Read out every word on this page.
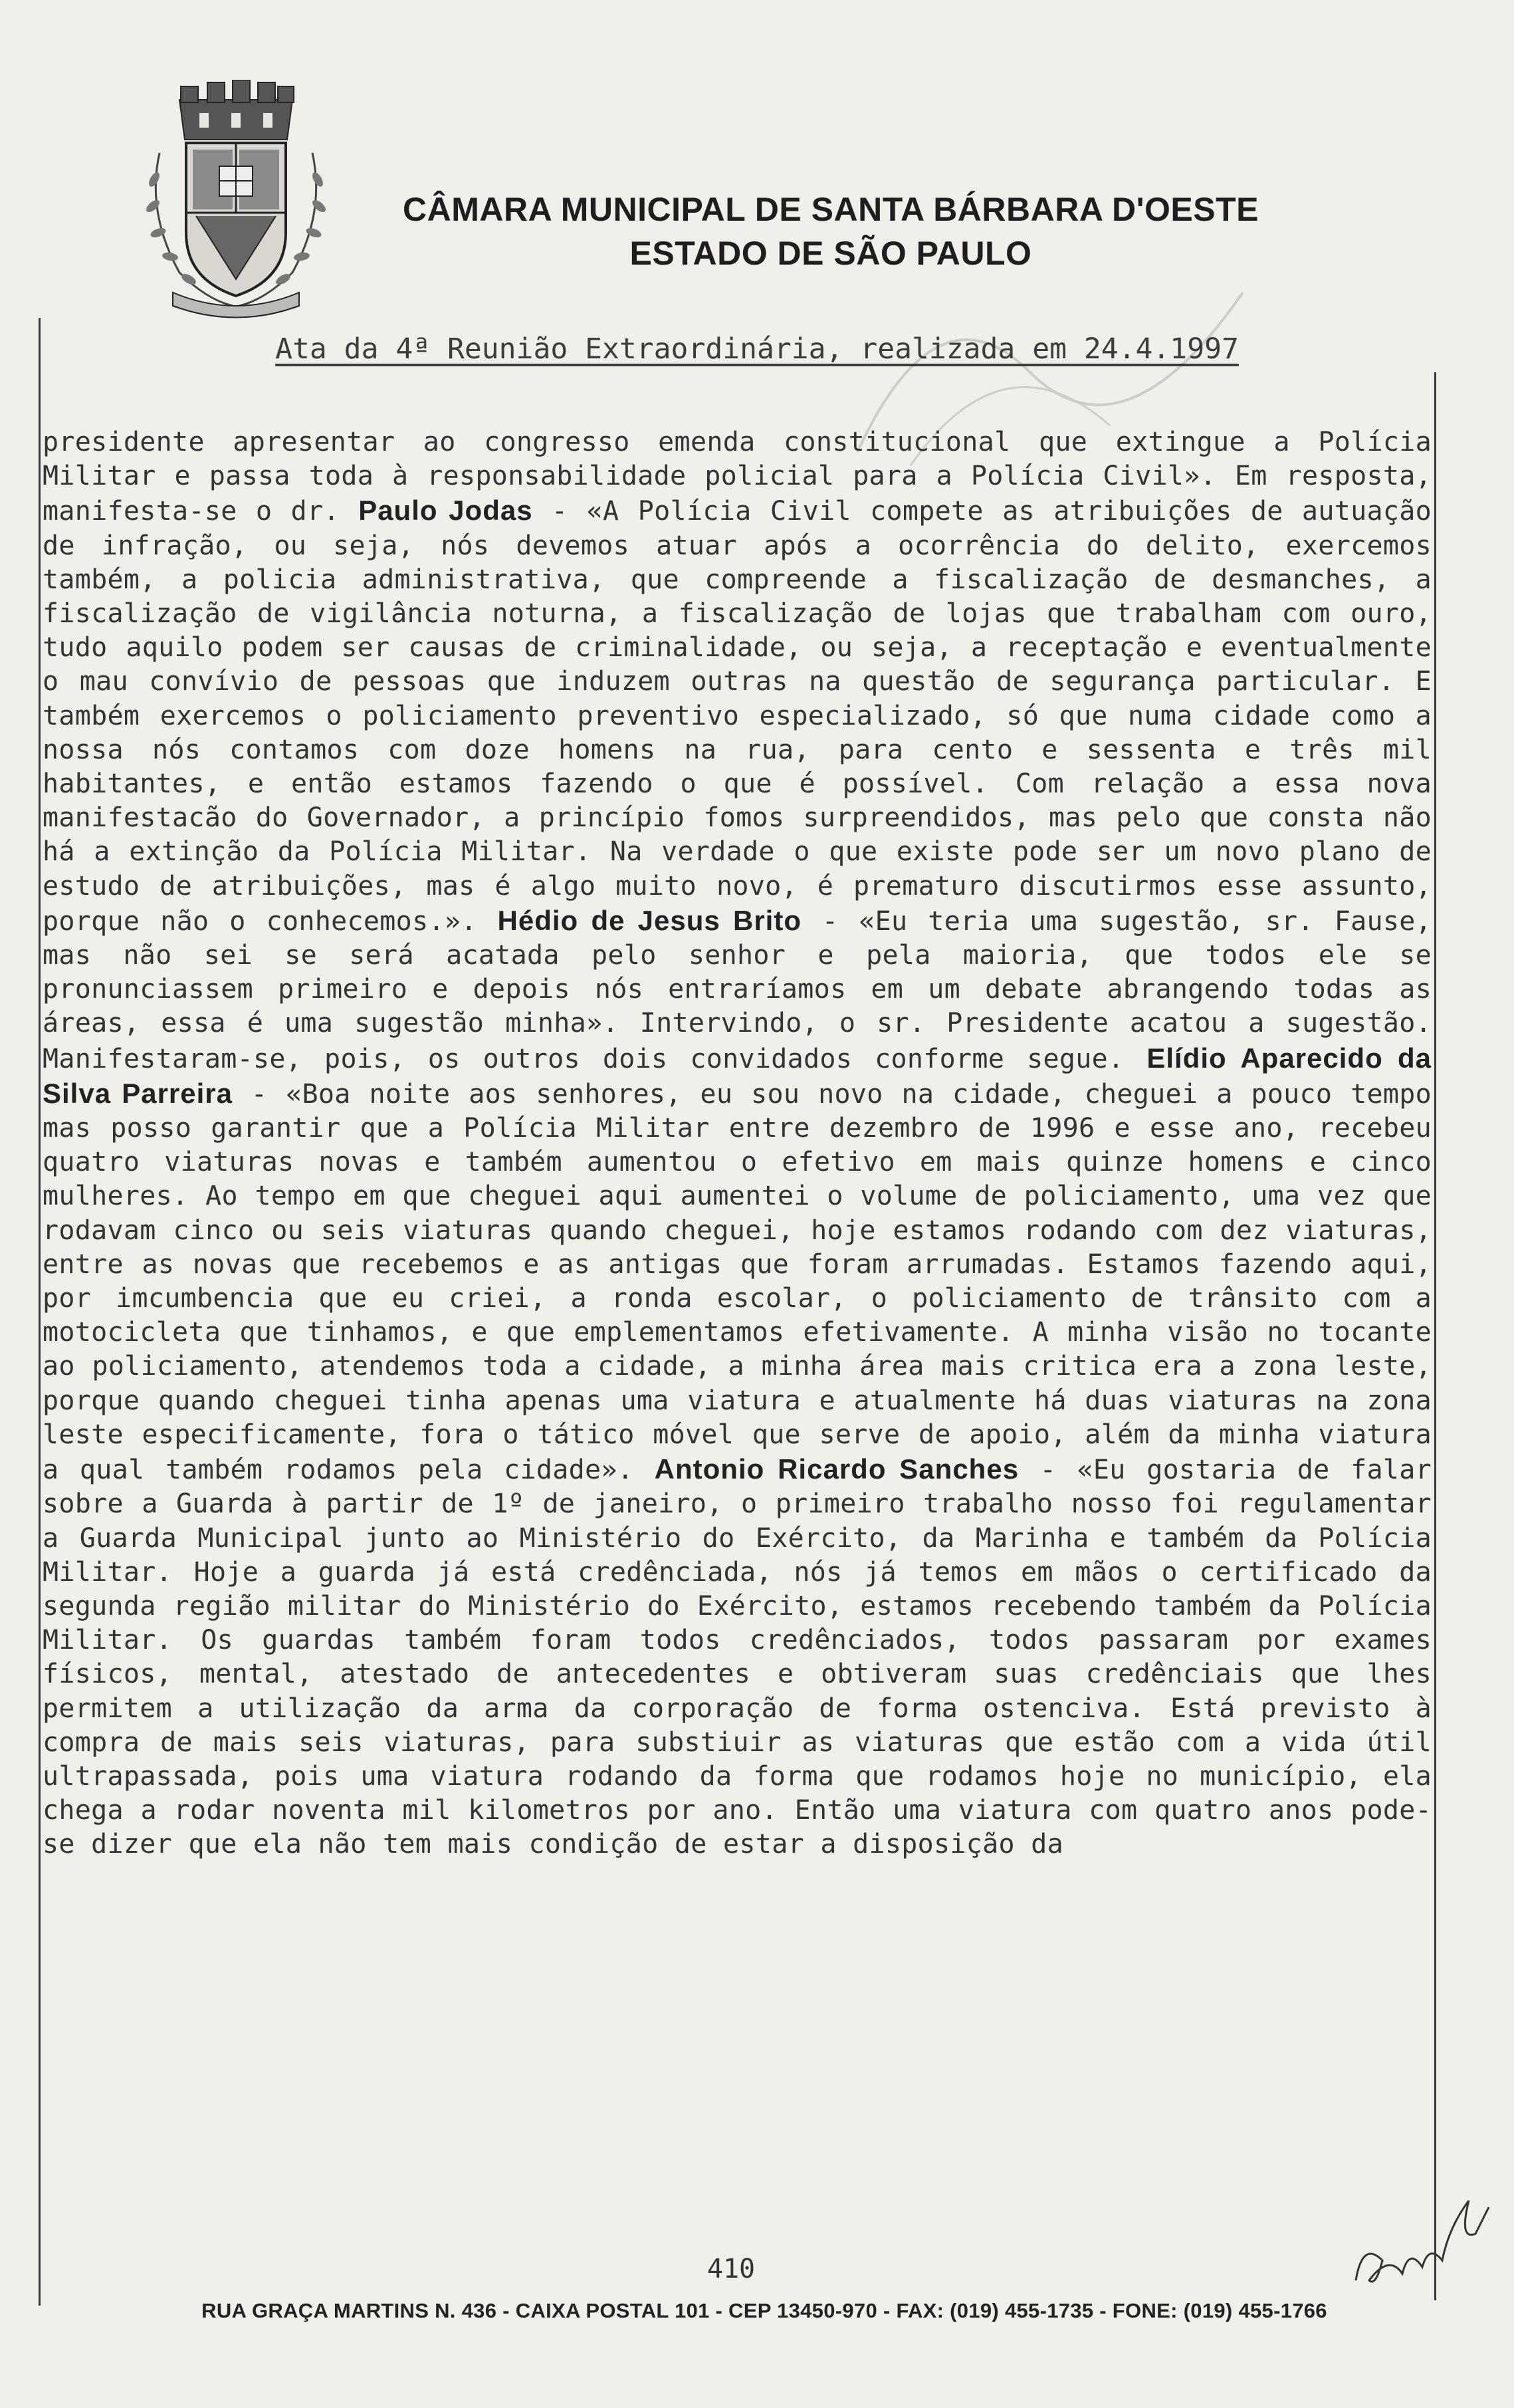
CÂMARA MUNICIPAL DE SANTA BÁRBARA D'OESTE
ESTADO DE SÃO PAULO
Ata da 4ª Reunião Extraordinária, realizada em 24.4.1997
presidente apresentar ao congresso emenda constitucional que extingue a Polícia Militar e passa toda à responsabilidade policial para a Polícia Civil». Em resposta, manifesta-se o dr. Paulo Jodas - «A Polícia Civil compete as atribuições de autuação de infração, ou seja, nós devemos atuar após a ocorrência do delito, exercemos também, a policia administrativa, que compreende a fiscalização de desmanches, a fiscalização de vigilância noturna, a fiscalização de lojas que trabalham com ouro, tudo aquilo podem ser causas de criminalidade, ou seja, a receptação e eventualmente o mau convívio de pessoas que induzem outras na questão de segurança particular. E também exercemos o policiamento preventivo especializado, só que numa cidade como a nossa nós contamos com doze homens na rua, para cento e sessenta e três mil habitantes, e então estamos fazendo o que é possível. Com relação a essa nova manifestacão do Governador, a princípio fomos surpreendidos, mas pelo que consta não há a extinção da Polícia Militar. Na verdade o que existe pode ser um novo plano de estudo de atribuições, mas é algo muito novo, é prematuro discutirmos esse assunto, porque não o conhecemos.». Hédio de Jesus Brito - «Eu teria uma sugestão, sr. Fause, mas não sei se será acatada pelo senhor e pela maioria, que todos ele se pronunciassem primeiro e depois nós entraríamos em um debate abrangendo todas as áreas, essa é uma sugestão minha». Intervindo, o sr. Presidente acatou a sugestão. Manifestaram-se, pois, os outros dois convidados conforme segue. Elídio Aparecido da Silva Parreira - «Boa noite aos senhores, eu sou novo na cidade, cheguei a pouco tempo mas posso garantir que a Polícia Militar entre dezembro de 1996 e esse ano, recebeu quatro viaturas novas e também aumentou o efetivo em mais quinze homens e cinco mulheres. Ao tempo em que cheguei aqui aumentei o volume de policiamento, uma vez que rodavam cinco ou seis viaturas quando cheguei, hoje estamos rodando com dez viaturas, entre as novas que recebemos e as antigas que foram arrumadas. Estamos fazendo aqui, por imcumbencia que eu criei, a ronda escolar, o policiamento de trânsito com a motocicleta que tinhamos, e que emplementamos efetivamente. A minha visão no tocante ao policiamento, atendemos toda a cidade, a minha área mais critica era a zona leste, porque quando cheguei tinha apenas uma viatura e atualmente há duas viaturas na zona leste especificamente, fora o tático móvel que serve de apoio, além da minha viatura a qual também rodamos pela cidade». Antonio Ricardo Sanches - «Eu gostaria de falar sobre a Guarda à partir de 1º de janeiro, o primeiro trabalho nosso foi regulamentar a Guarda Municipal junto ao Ministério do Exército, da Marinha e também da Polícia Militar. Hoje a guarda já está credênciada, nós já temos em mãos o certificado da segunda região militar do Ministério do Exército, estamos recebendo também da Polícia Militar. Os guardas também foram todos credênciados, todos passaram por exames físicos, mental, atestado de antecedentes e obtiveram suas credênciais que lhes permitem a utilização da arma da corporação de forma ostenciva. Está previsto à compra de mais seis viaturas, para substiuir as viaturas que estão com a vida útil ultrapassada, pois uma viatura rodando da forma que rodamos hoje no município, ela chega a rodar noventa mil kilometros por ano. Então uma viatura com quatro anos pode-se dizer que ela não tem mais condição de estar a disposição da
410
RUA GRAÇA MARTINS N. 436 - CAIXA POSTAL 101 - CEP 13450-970 - FAX: (019) 455-1735 - FONE: (019) 455-1766
